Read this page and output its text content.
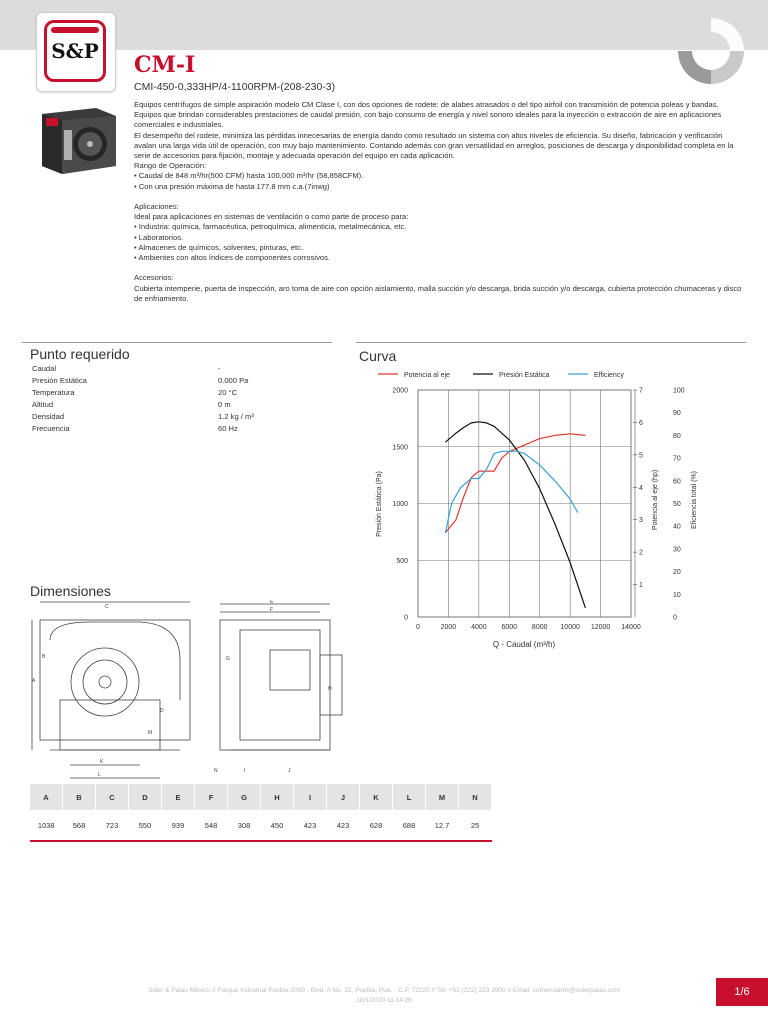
S&P
CM-I
CMI-450-0,333HP/4-1100RPM-(208-230-3)

Equipos centrífugos de simple aspiración modelo CM Clase I, con dos opciones de rodete: de alabes atrasados o del tipo airfoil con transmisión de potencia poleas y bandas. Equipos que brindan considerables prestaciones de caudal presión, con bajo consumo de energía y nivel sonoro ideales para la inyección o extracción de aire en aplicaciones comerciales e industriales.

El desempeño del rodete, minimiza las pérdidas innecesarias de energía dando como resultado un sistema con altos niveles de eficiencia. Su diseño, fabricación y verificación avalan una larga vida útil de operación, con muy bajo mantenimiento. Contando además con gran versatilidad en arreglos, posiciones de descarga y disponibilidad completa en la serie de accesorios para fijación, montaje y adecuada operación del equipo en cada aplicación.

Rango de Operación:

• Caudal de 848 m³/hr(500 CFM) hasta 100,000 m³/hr (58,858CFM).
• Con una presión máxima de hasta 177.8 mm c.a.(7inwg)

Aplicaciones:

Ideal para aplicaciones en sistemas de ventilación o como parte de proceso para:

• Industria: química, farmacéutica, petroquímica, alimenticia, metalmecánica, etc.
• Laboratorios.
• Almacenes de químicos, solventes, pinturas, etc.
• Ambientes con altos índices de componentes corrosivos.

Accesorios:

Cubierta intemperie, puerta de inspección, aro toma de aire con opción aislamiento, malla succión y/o descarga, brida succión y/o descarga, cubierta protección chumaceras y disco de enfriamiento.

Punto requerido
Caudal	-
Presión Estática	0.000 Pa
Temperatura	20 °C
Altitud	0 m
Densidad	1.2 kg / m³
Frecuencia	60 Hz
Curva
Potencia al eje	Presión Estática	Efficiency
0	2000 4000 6000 8000 10000 12000 14000
0
500
1000
1500
2000
1
2
3
4
5
6
7
0
10
20
30
40
50
60
70
80
90
100
Q - Caudal (m³/h)
Presión Estática (Pa)	Potencia al eje (hp)	Eficiencia total (%)
Dimensiones
C
A
B
D
K
L
E
F
G
H
N	I	J
M
A	B	C	D	E	F	G	H	I	J	K	L	M	N
1038	568	723	550	939	548	308	450	423	423	628	688	12.7	25
Soler & Palau México // Parque Industrial Puebla 2000 - Blvd. A No. 15, Puebla, Pue. - C.P. 72225 // Tel: +52 (222) 223 3900 // Email: comercialmx@solerpalau.com
18/1/2020 11:14:26
1/6
